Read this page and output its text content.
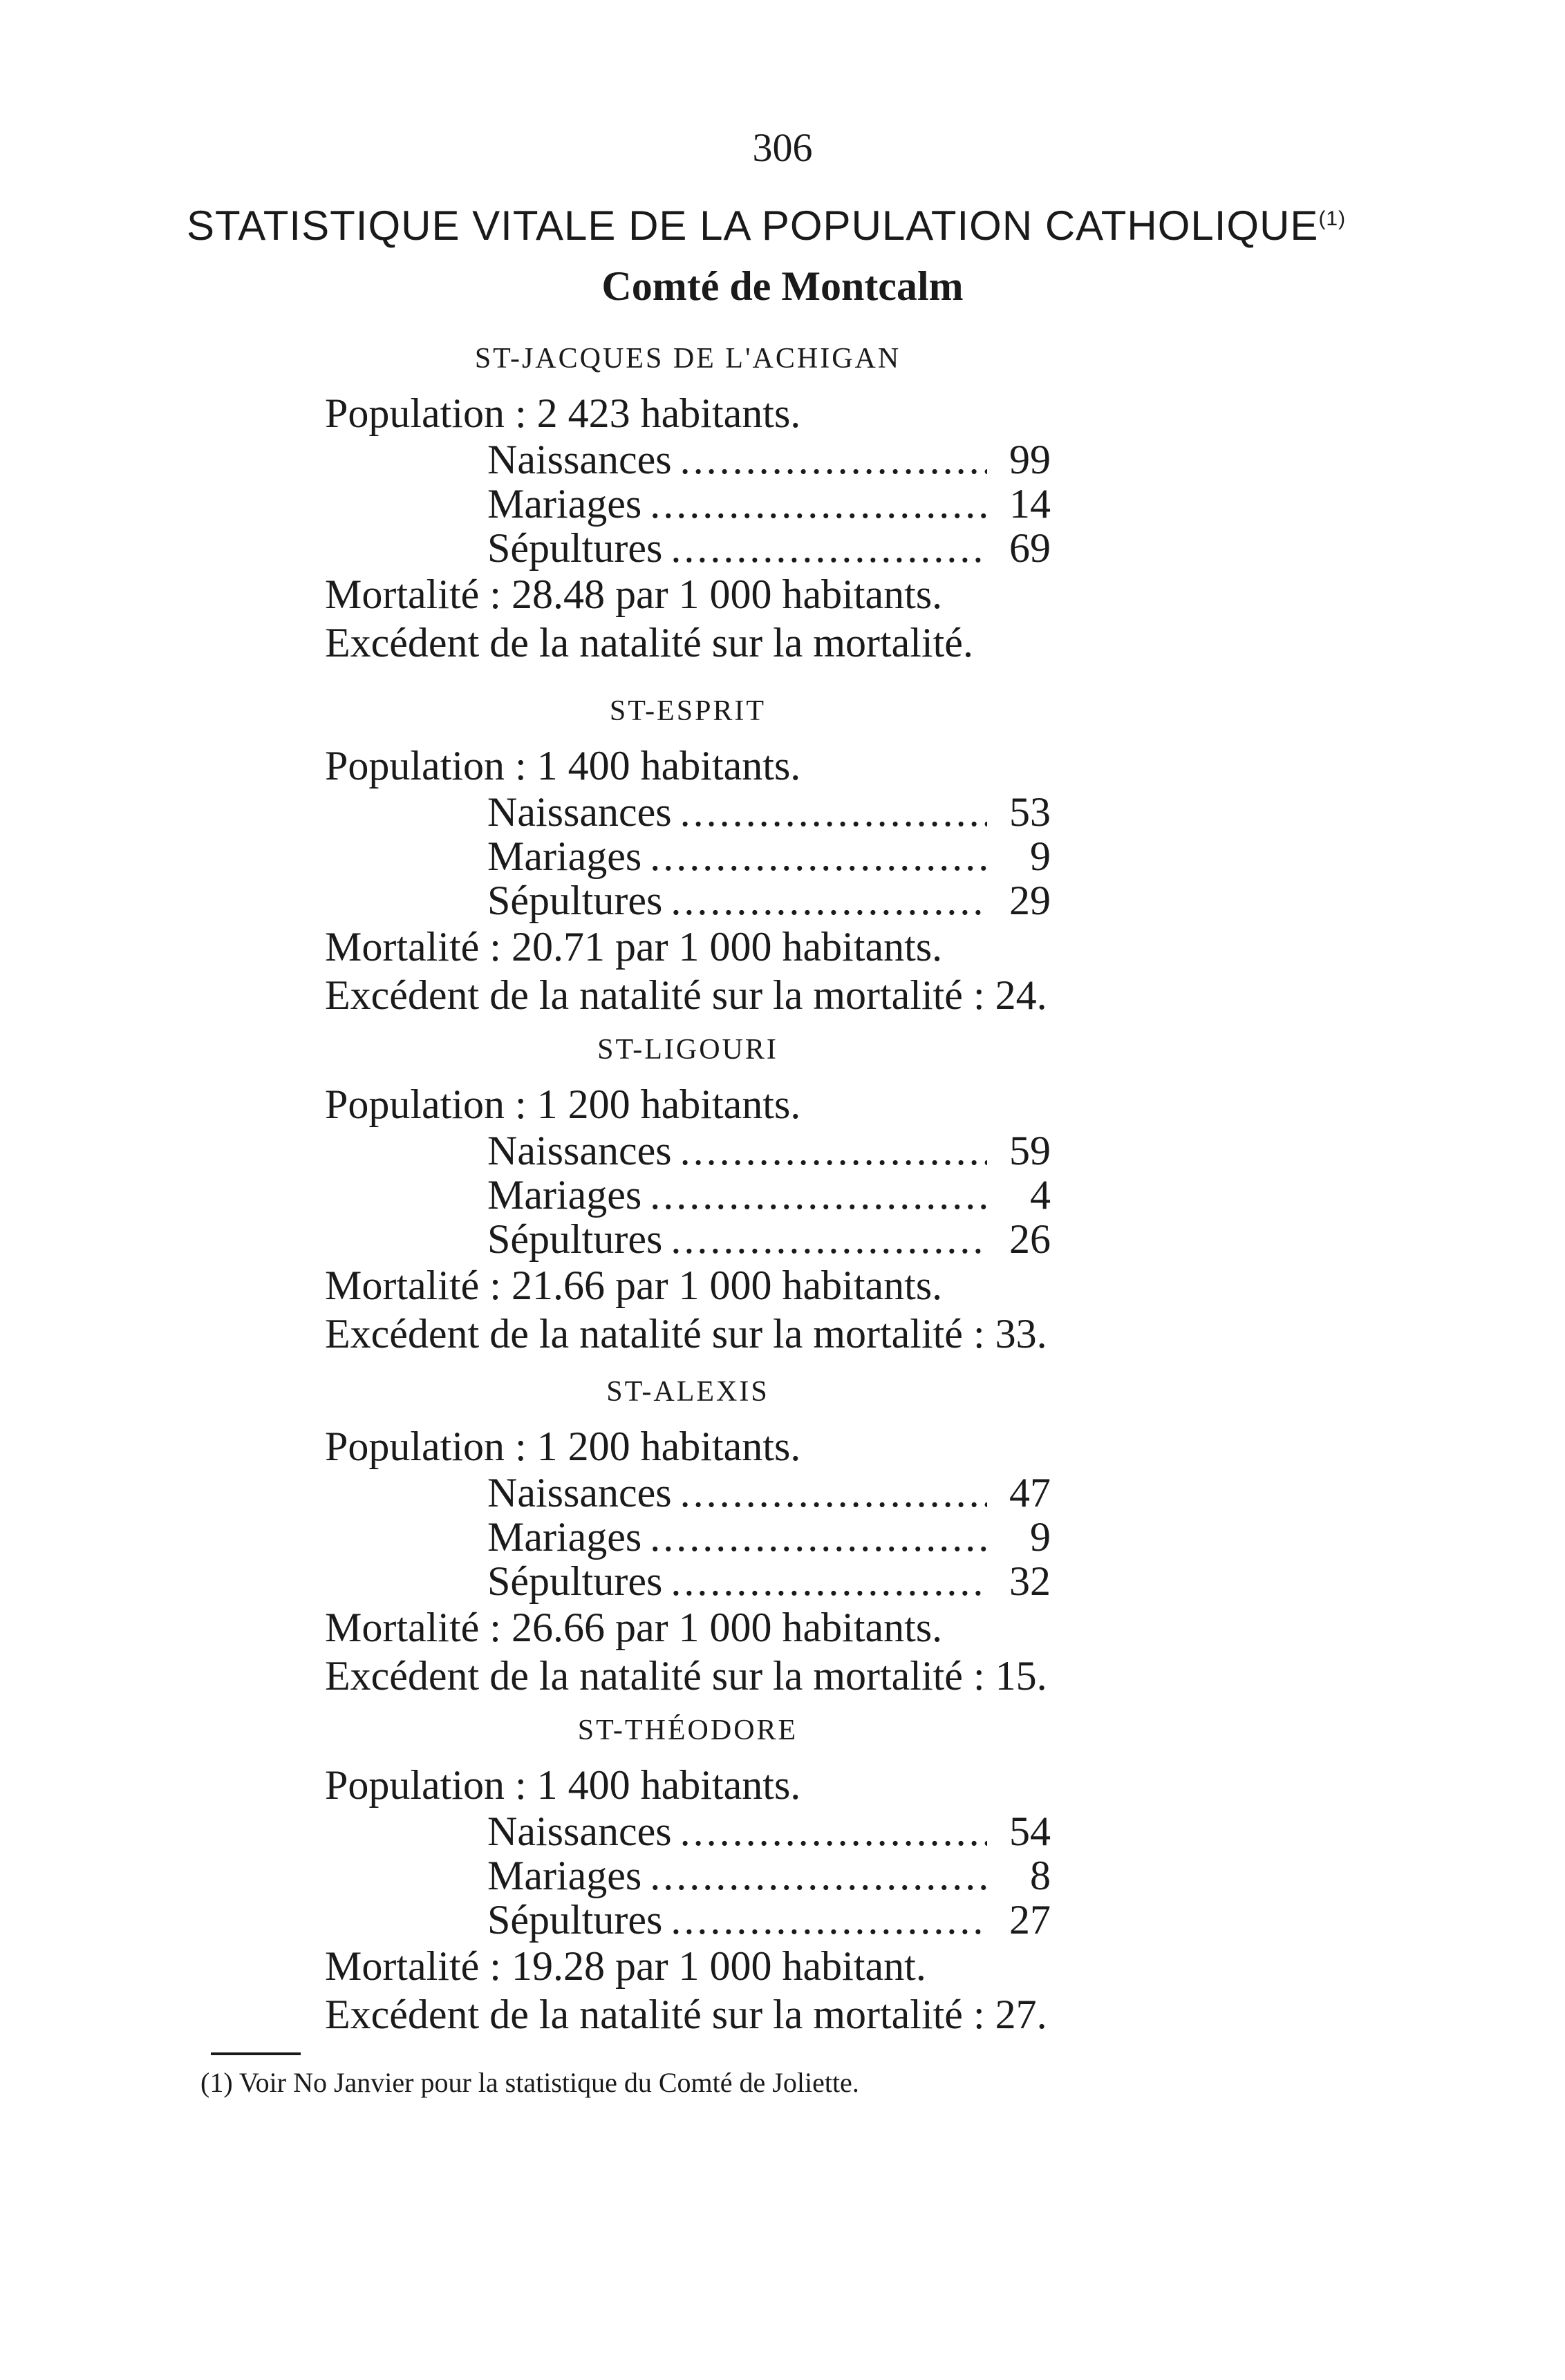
306
STATISTIQUE VITALE DE LA POPULATION CATHOLIQUE$^{(1)}$
Comté de Montcalm
ST-JACQUES DE L'ACHIGAN
Population : 2 423 habitants.
Naissances .....	99
Mariages .....	14
Sépultures .....	69
Mortalité : 28.48 par 1 000 habitants.
Excédent de la natalité sur la mortalité.
ST-ESPRIT
Population : 1 400 habitants.
Naissances .....	53
Mariages .....	9
Sépultures .....	29
Mortalité : 20.71 par 1 000 habitants.
Excédent de la natalité sur la mortalité : 24.
ST-LIGOURI
Population : 1 200 habitants.
Naissances .....	59
Mariages .....	4
Sépultures .....	26
Mortalité : 21.66 par 1 000 habitants.
Excédent de la natalité sur la mortalité : 33.
ST-ALEXIS
Population : 1 200 habitants.
Naissances .....	47
Mariages .....	9
Sépultures .....	32
Mortalité : 26.66 par 1 000 habitants.
Excédent de la natalité sur la mortalité : 15.
ST-THÉODORE
Population : 1 400 habitants.
Naissances .....	54
Mariages .....	8
Sépultures .....	27
Mortalité : 19.28 par 1 000 habitant.
Excédent de la natalité sur la mortalité : 27.
(1) Voir No Janvier pour la statistique du Comté de Joliette.
